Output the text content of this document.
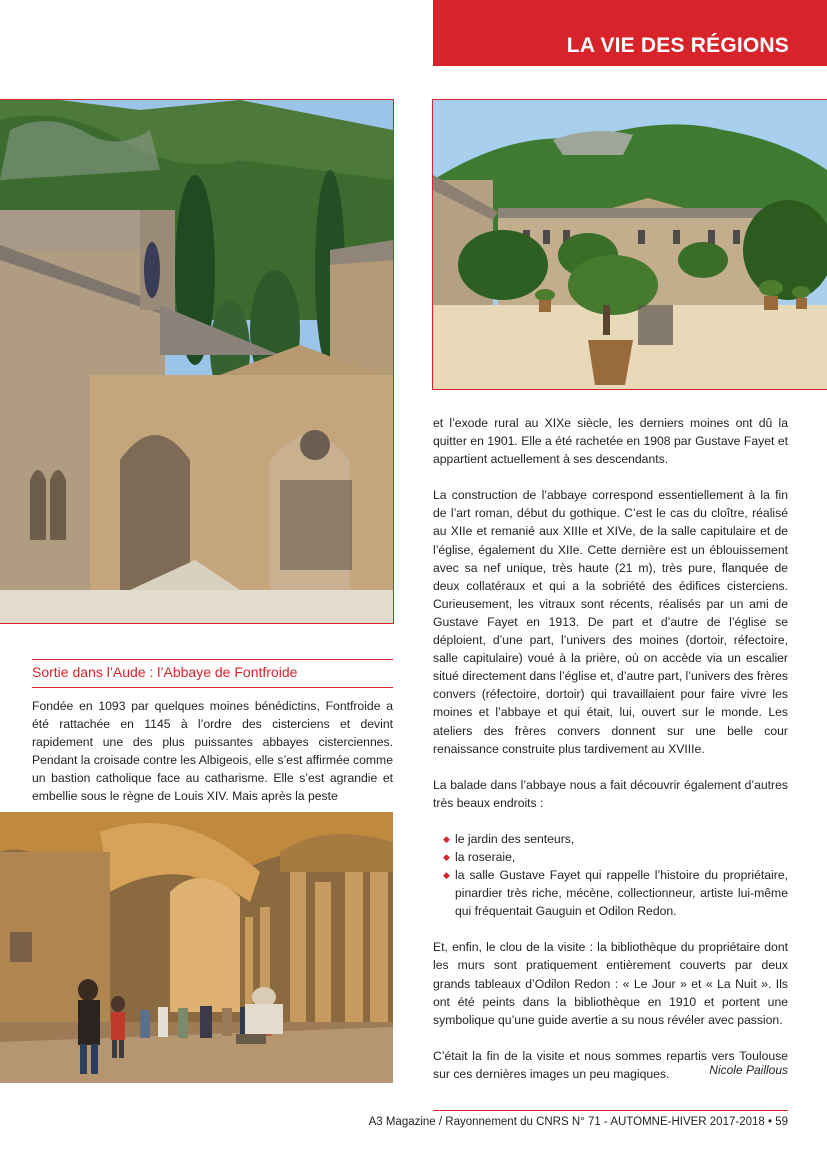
LA VIE DES RÉGIONS
Sortie dans l’Aude : l’Abbaye de Fontfroide

Fondée en 1093 par quelques moines bénédictins, Fontfroide a été rattachée en 1145 à l’ordre des cisterciens et devint rapidement une des plus puissantes abbayes cisterciennes. Pendant la croisade contre les Albigeois, elle s’est affirmée comme un bastion catholique face au catharisme. Elle s’est agrandie et embellie sous le règne de Louis XIV. Mais après la peste

et l’exode rural au XIXe siècle, les derniers moines ont dû la quitter en 1901. Elle a été rachetée en 1908 par Gustave Fayet et appartient actuellement à ses descendants.

La construction de l’abbaye correspond essentiellement à la fin de l’art roman, début du gothique. C’est le cas du cloître, réalisé au XIIe et remanié aux XIIIe et XIVe, de la salle capitulaire et de l’église, également du XIIe. Cette dernière est un éblouissement avec sa nef unique, très haute (21 m), très pure, flanquée de deux collatéraux et qui a la sobriété des édifices cisterciens. Curieusement, les vitraux sont récents, réalisés par un ami de Gustave Fayet en 1913. De part et d’autre de l’église se déploient, d’une part, l’univers des moines (dortoir, réfectoire, salle capitulaire) voué à la prière, où on accède via un escalier situé directement dans l’église et, d’autre part, l’univers des frères convers (réfectoire, dortoir) qui travaillaient pour faire vivre les moines et l’abbaye et qui était, lui, ouvert sur le monde. Les ateliers des frères convers donnent sur une belle cour renaissance construite plus tardivement au XVIIIe.

La balade dans l’abbaye nous a fait découvrir également d’autres très beaux endroits :

◆ le jardin des senteurs,
◆ la roseraie,
◆ la salle Gustave Fayet qui rappelle l’histoire du propriétaire, pinardier très riche, mécène, collectionneur, artiste lui-même qui fréquentait Gauguin et Odilon Redon.

Et, enfin, le clou de la visite : la bibliothèque du propriétaire dont les murs sont pratiquement entièrement couverts par deux grands tableaux d’Odilon Redon : « Le Jour » et « La Nuit ». Ils ont été peints dans la bibliothèque en 1910 et portent une symbolique qu’une guide avertie a su nous révéler avec passion.

C’était la fin de la visite et nous sommes repartis vers Toulouse sur ces dernières images un peu magiques.	Nicole Paillous
A3 Magazine / Rayonnement du CNRS N° 71 - AUTOMNE-HIVER 2017-2018 • 59
